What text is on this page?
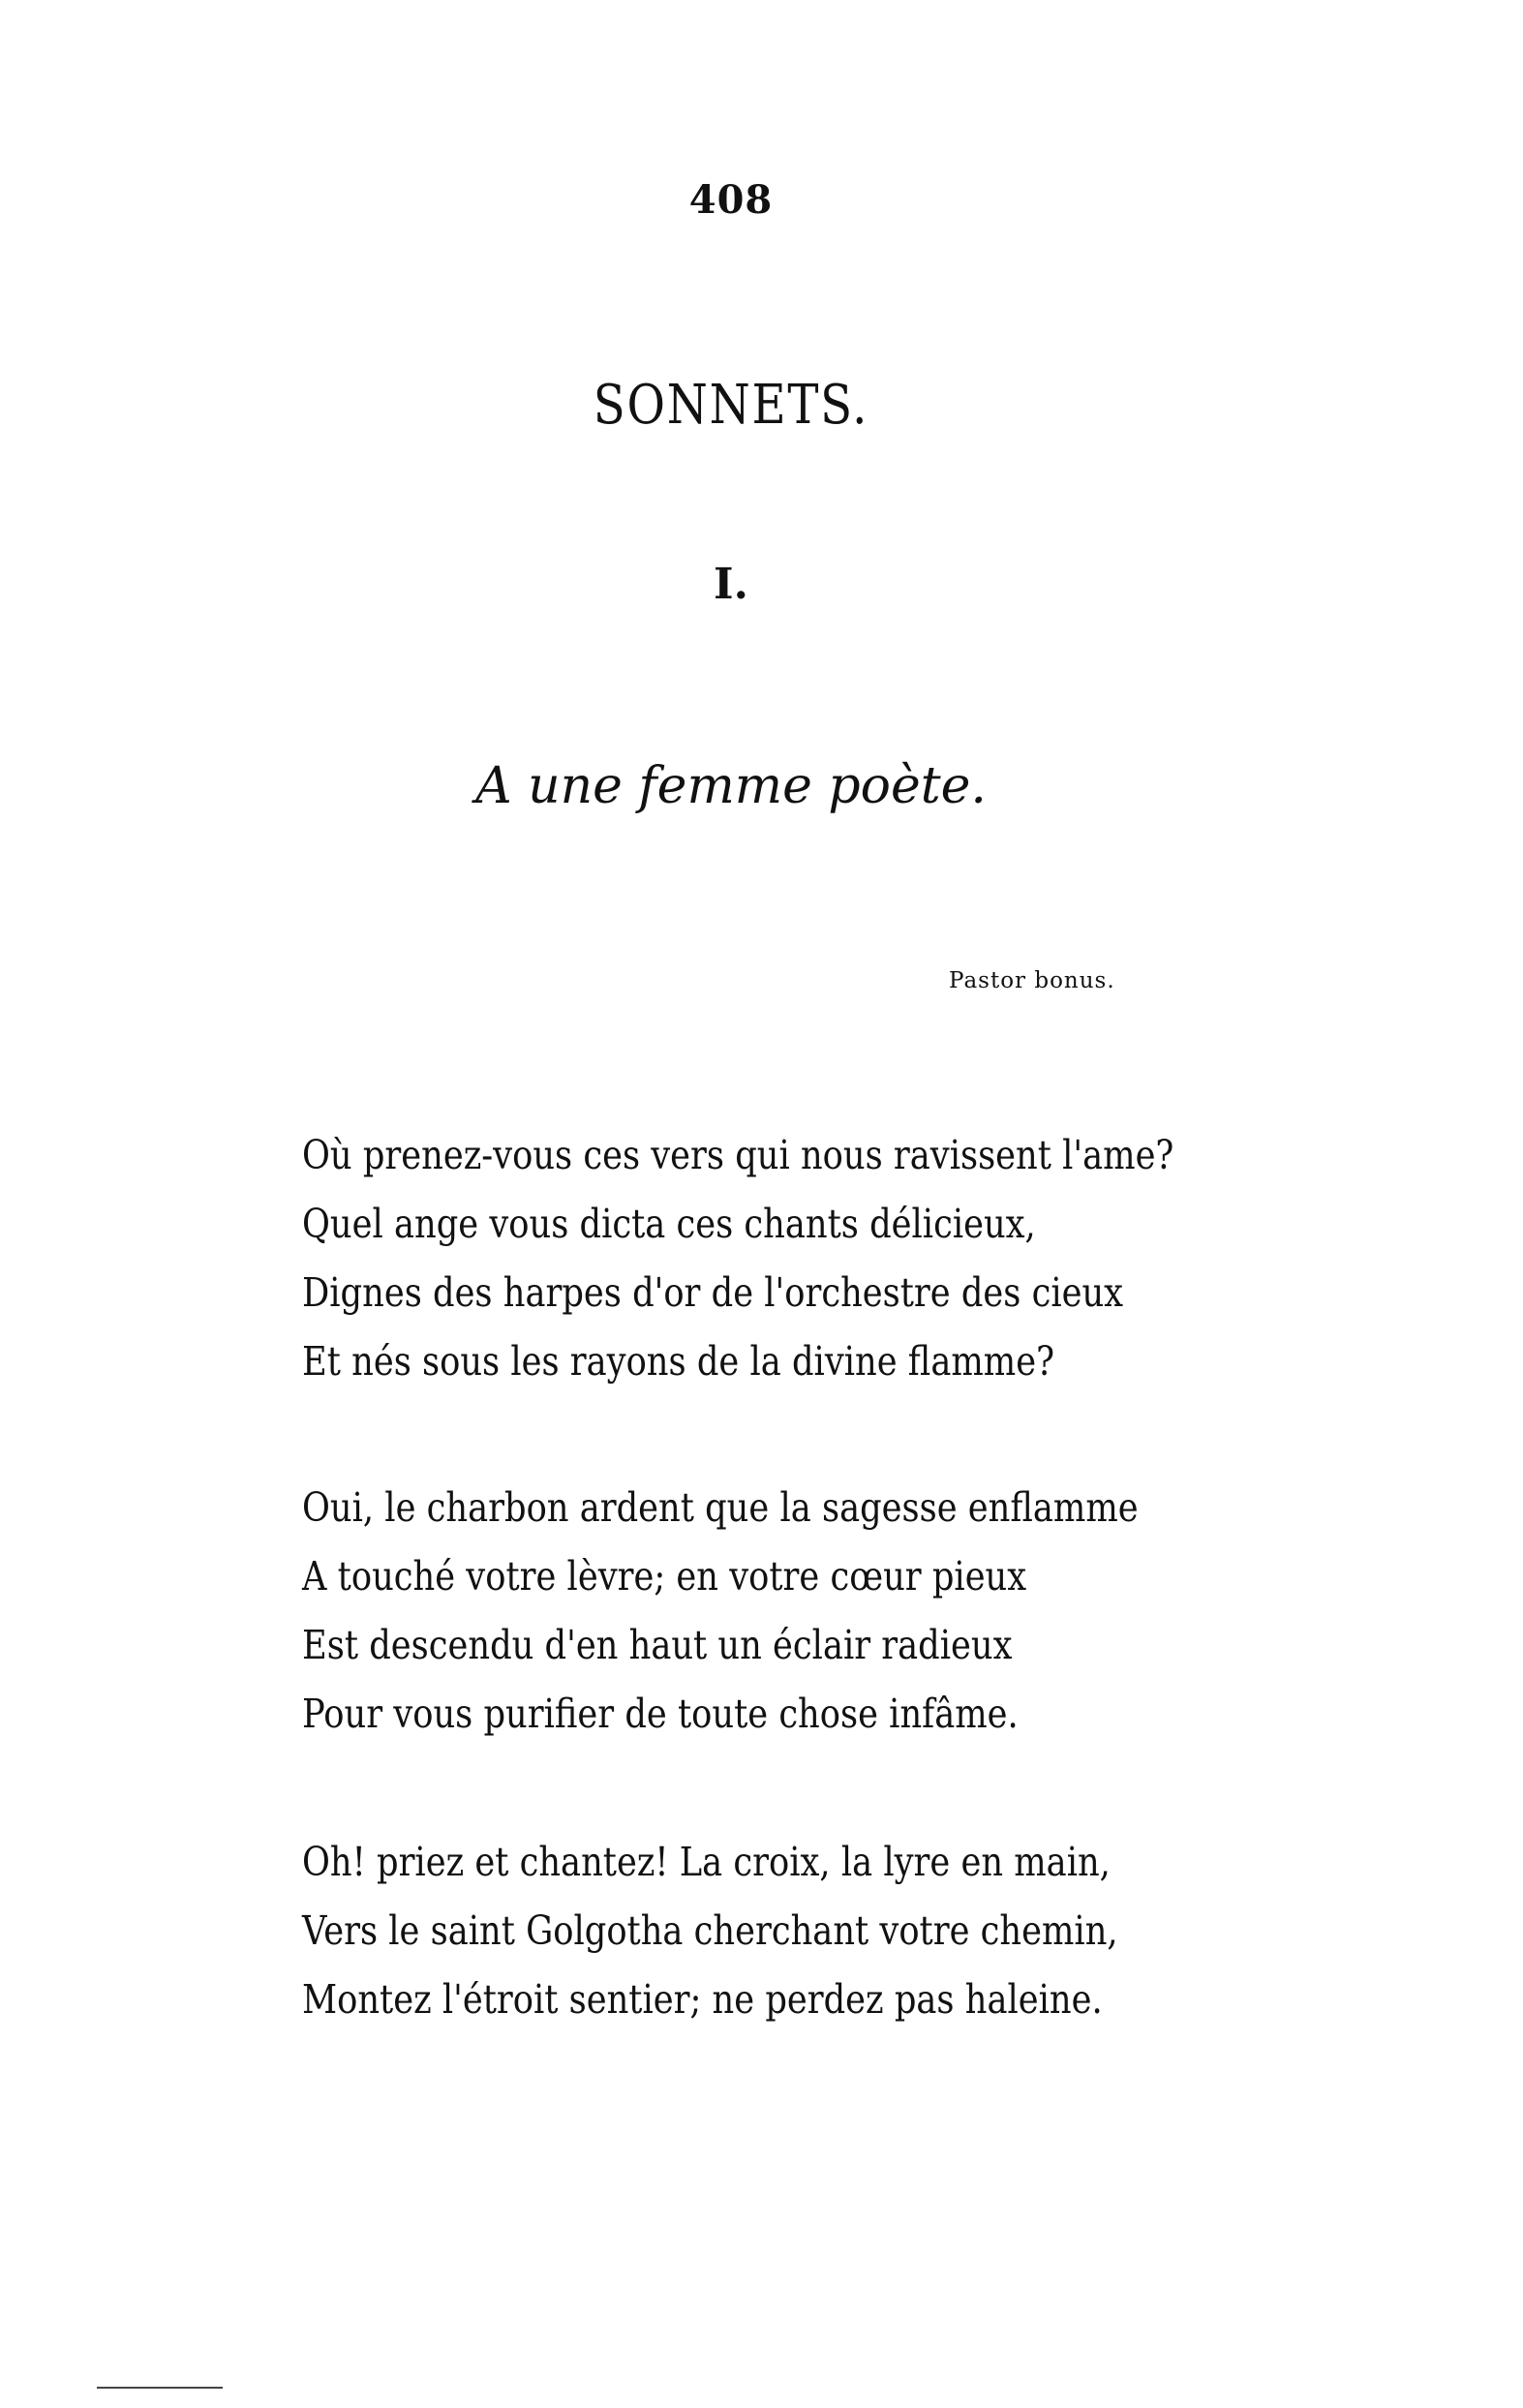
408
SONNETS.
I.
A une femme poète.
Pastor bonus.
Où prenez-vous ces vers qui nous ravissent l'ame?
Quel ange vous dicta ces chants délicieux,
Dignes des harpes d'or de l'orchestre des cieux
Et nés sous les rayons de la divine flamme?
Oui, le charbon ardent que la sagesse enflamme
A touché votre lèvre; en votre cœur pieux
Est descendu d'en haut un éclair radieux
Pour vous purifier de toute chose infâme.
Oh! priez et chantez! La croix, la lyre en main,
Vers le saint Golgotha cherchant votre chemin,
Montez l'étroit sentier; ne perdez pas haleine.
